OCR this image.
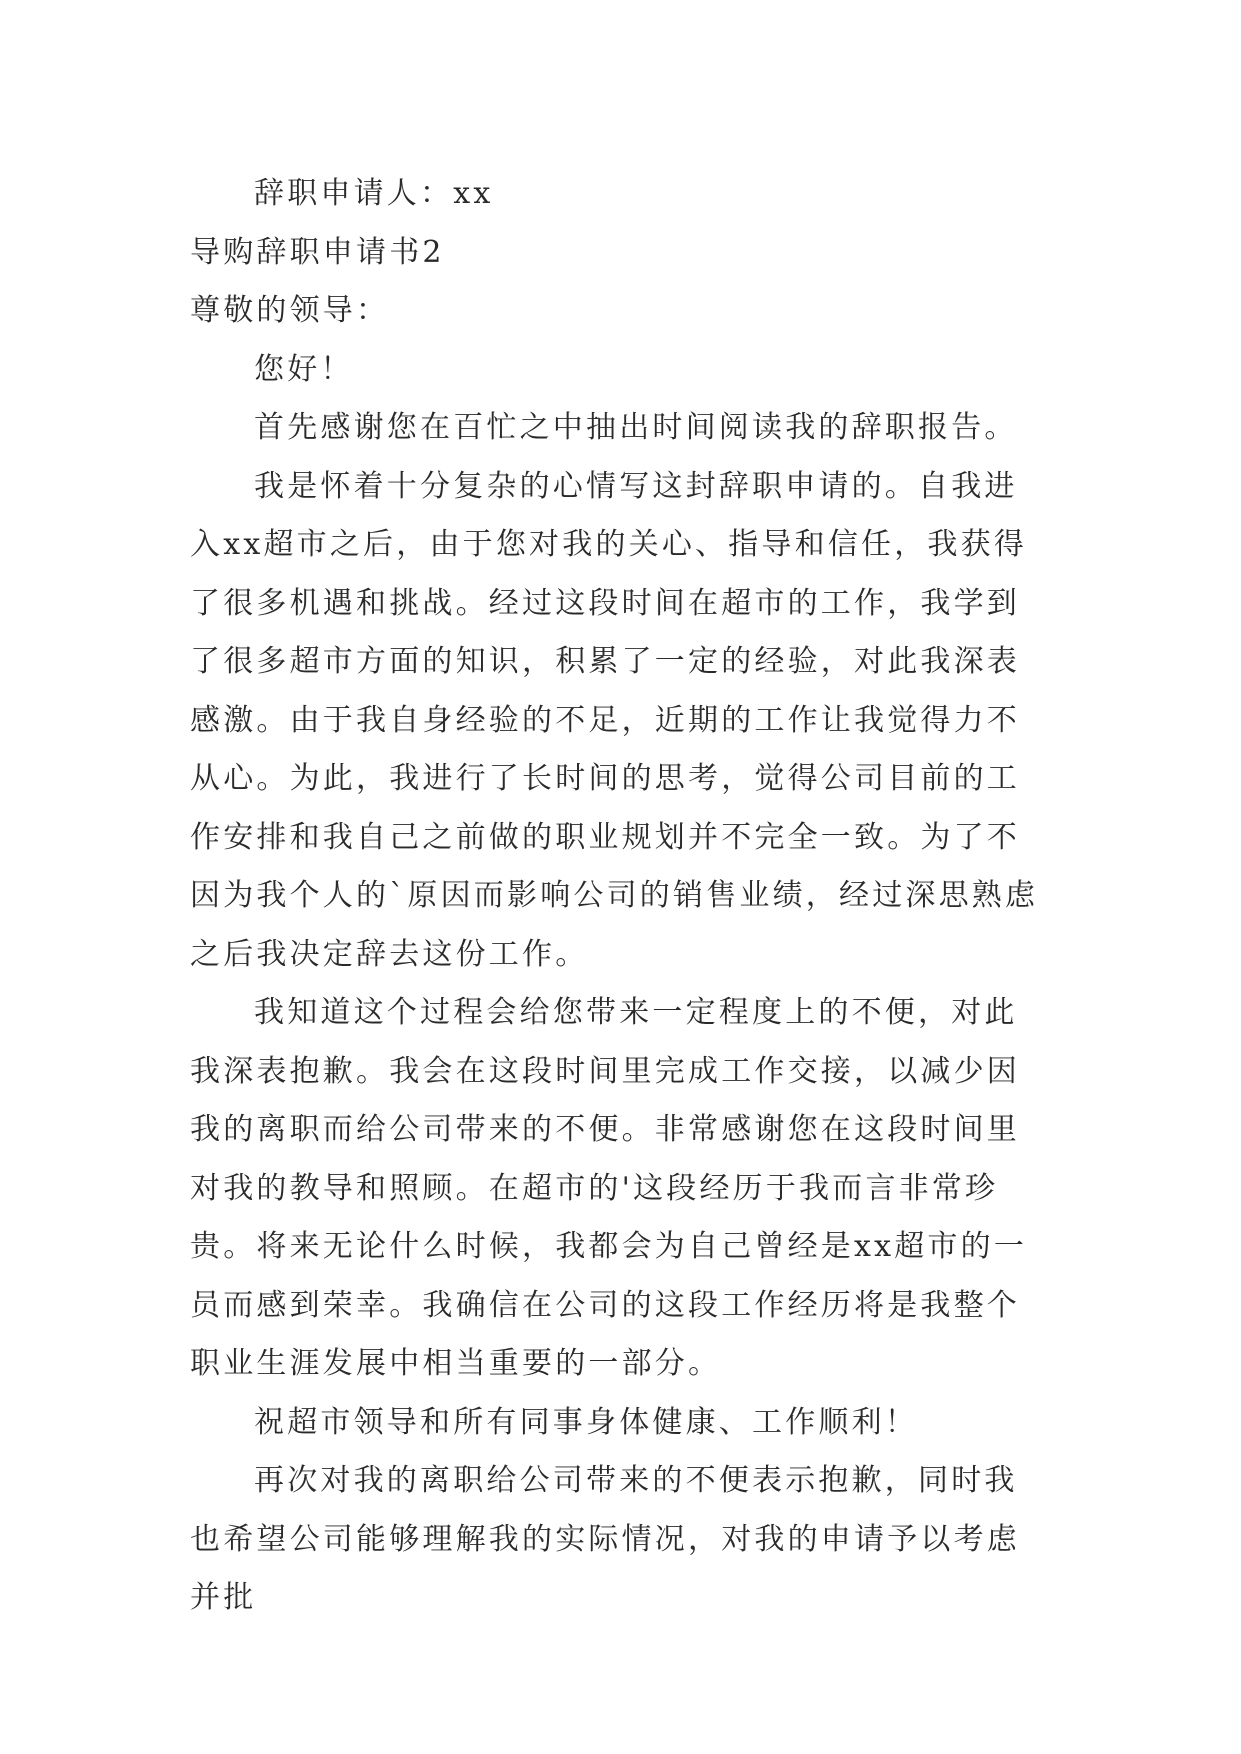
辞职申请人：xx

导购辞职申请书2

尊敬的领导：

您好！

首先感谢您在百忙之中抽出时间阅读我的辞职报告。

我是怀着十分复杂的心情写这封辞职申请的。自我进入xx超市之后，由于您对我的关心、指导和信任，我获得了很多机遇和挑战。经过这段时间在超市的工作，我学到了很多超市方面的知识，积累了一定的经验，对此我深表感激。由于我自身经验的不足，近期的工作让我觉得力不从心。为此，我进行了长时间的思考，觉得公司目前的工作安排和我自己之前做的职业规划并不完全一致。为了不因为我个人的`原因而影响公司的销售业绩，经过深思熟虑之后我决定辞去这份工作。

我知道这个过程会给您带来一定程度上的不便，对此我深表抱歉。我会在这段时间里完成工作交接，以减少因我的离职而给公司带来的不便。非常感谢您在这段时间里对我的教导和照顾。在超市的'这段经历于我而言非常珍贵。将来无论什么时候，我都会为自己曾经是xx超市的一员而感到荣幸。我确信在公司的这段工作经历将是我整个职业生涯发展中相当重要的一部分。

祝超市领导和所有同事身体健康、工作顺利！

再次对我的离职给公司带来的不便表示抱歉，同时我也希望公司能够理解我的实际情况，对我的申请予以考虑并批
